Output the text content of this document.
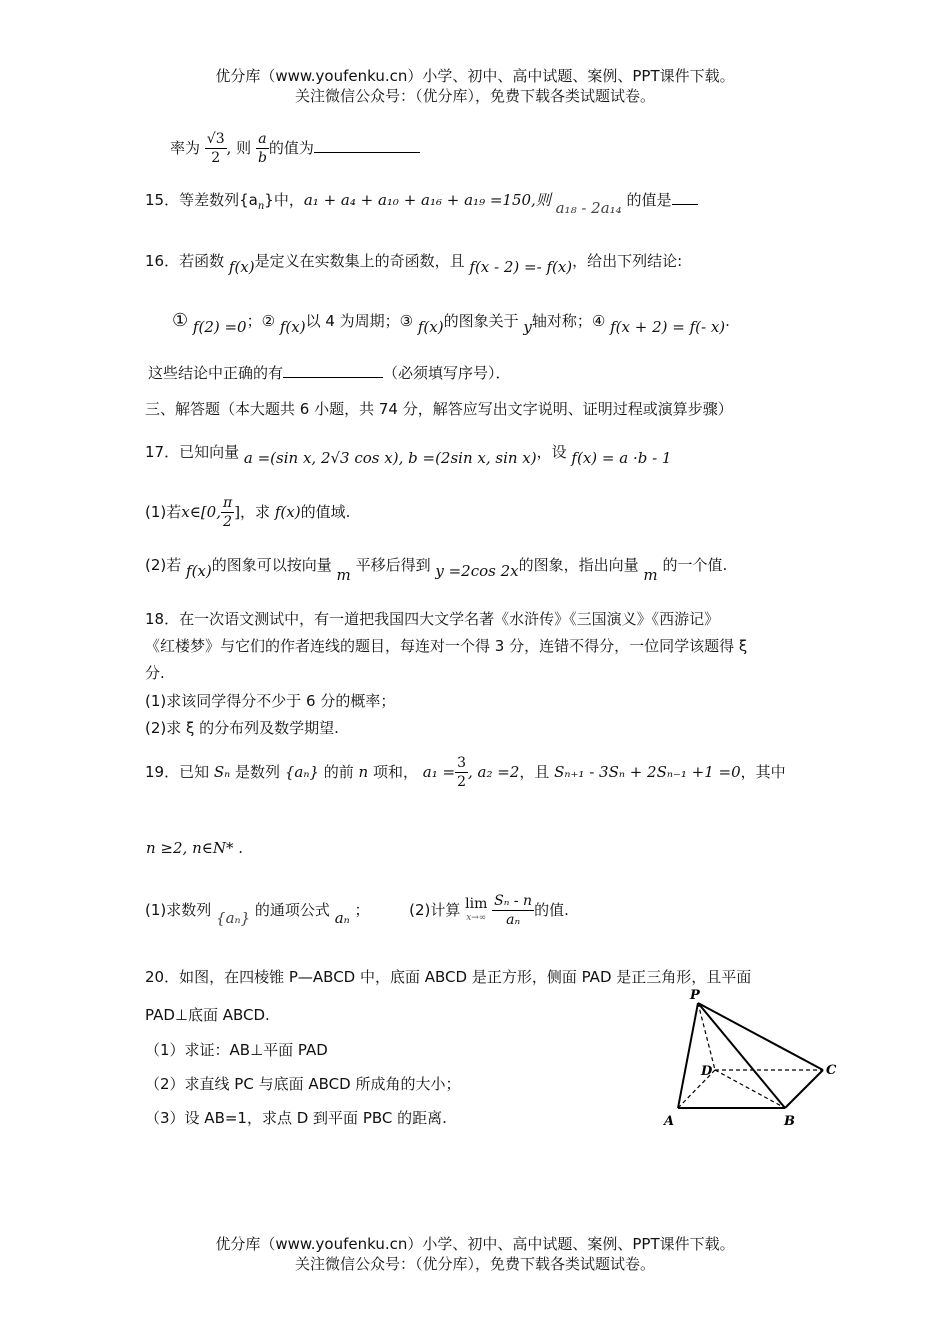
优分库（www.youfenku.cn）小学、初中、高中试题、案例、PPT课件下载。
关注微信公众号：（优分库），免费下载各类试题试卷。
率为 $\frac{√3}{2}$ , 则 $\frac{a}{b}$ 的值为
15．等差数列$\{a_n\}$中，a₁ + a₄ + a₁₀ + a₁₆ + a₁₉ =150,则 a₁₈ - 2a₁₄ 的值是
16．若函数 f(x)是定义在实数集上的奇函数，且 f(x - 2) =- f(x)，给出下列结论:
① f(2) =0；② f(x)以 4 为周期；③ f(x)的图象关于 y轴对称；④ f(x + 2) = f(- x).
这些结论中正确的有	（必须填写序号）．
三、解答题（本大题共 6 小题，共 74 分，解答应写出文字说明、证明过程或演算步骤）
17．已知向量 a =(sin x, 2√3 cos x), b =(2sin x, sin x)，设 f(x) = a ·b - 1
(1)若x∈[0, $\frac{\pi}{2}$ ]，求 f(x)的值域.
(2)若 f(x)的图象可以按向量 m 平移后得到 y =2cos 2x的图象，指出向量 m 的一个值.
18．在一次语文测试中，有一道把我国四大文学名著《水浒传》《三国演义》《西游记》
《红楼梦》与它们的作者连线的题目，每连对一个得 3 分，连错不得分，一位同学该题得 ξ
分.
(1)求该同学得分不少于 6 分的概率；
(2)求 ξ 的分布列及数学期望.
19．已知 Sₙ 是数列 {aₙ} 的前 n 项和， $a_1 = \frac{3}{2}$ , a₂ =2，且 Sₙ₊₁ - 3Sₙ + 2Sₙ₋₁ +1 =0，其中
n ≥2, n∈N* .
(1)求数列 {aₙ} 的通项公式 aₙ ；	(2)计算 lim
x→∞
$\frac{\text{Sₙ - n}}{\text{aₙ}}$ 的值.
20．如图，在四棱锥 P—ABCD 中，底面 ABCD 是正方形，侧面 PAD 是正三角形，且平面
PAD⊥底面 ABCD.
（1）求证：AB⊥平面 PAD
（2）求直线 PC 与底面 ABCD 所成角的大小；
（3）设 AB=1，求点 D 到平面 PBC 的距离.
P
A	B
C
D
优分库（www.youfenku.cn）小学、初中、高中试题、案例、PPT课件下载。
关注微信公众号：（优分库），免费下载各类试题试卷。
